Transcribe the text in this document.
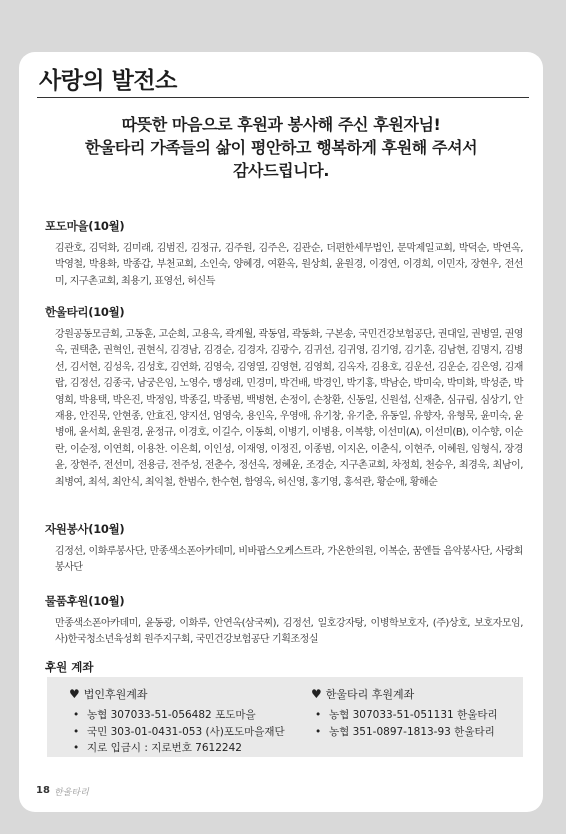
사랑의 발전소
따뜻한 마음으로 후원과 봉사해 주신 후원자님!
한울타리 가족들의 삶이 평안하고 행복하게 후원해 주셔서
감사드립니다.
포도마을(10월)
김관호, 김덕화, 김미래, 김범진, 김정규, 김주원, 김주은, 김관순, 더편한세무법인, 문막제일교회, 박덕순, 박연옥, 박영철, 박용화, 박종갑, 부천교회, 소인숙, 양혜경, 여환옥, 원상희, 윤원경, 이경연, 이경희, 이민자, 장현우, 전선미, 지구촌교회, 최용기, 표영선, 허신득
한울타리(10월)
강원공동모금회, 고동훈, 고순희, 고용옥, 곽계월, 곽동엽, 곽동화, 구본송, 국민건강보험공단, 권대일, 권병열, 권영옥, 권택춘, 권혁인, 권현식, 김경남, 김경순, 김경자, 김광수, 김귀선, 김귀영, 김기영, 김기훈, 김남현, 김명지, 김병선, 김서현, 김성욱, 김성호, 김연화, 김영숙, 김영열, 김영현, 김영희, 김옥자, 김용호, 김운선, 김운순, 김은영, 김재랍, 김정선, 김종국, 남궁은임, 노영수, 맹성래, 민경미, 박건배, 박경인, 박기홍, 박남순, 박미숙, 박미화, 박성준, 박영희, 박용택, 박은진, 박정임, 박종길, 박종범, 백병현, 손정이, 손창환, 신동일, 신원섭, 신재춘, 심규림, 심상기, 안재용, 안진묵, 안현종, 안효진, 양지선, 엄영숙, 용인옥, 우영애, 유기창, 유기춘, 유동일, 유향자, 유형묵, 윤미숙, 윤병애, 윤서희, 윤원경, 윤정규, 이경호, 이길수, 이동희, 이병기, 이병용, 이복향, 이선미(A), 이선미(B), 이수향, 이순란, 이순정, 이연희, 이용찬. 이은희, 이인성, 이재영, 이정진, 이종범, 이지온, 이춘식, 이현주, 이혜원, 임형식, 장경윤, 장현주, 전선미, 전용금, 전주성, 전춘수, 정선옥, 정혜윤, 조경순, 지구촌교회, 차정희, 천승우, 최경욱, 최남이, 최병여, 최석, 최안식, 최익철, 한범수, 한수현, 함영옥, 허신영, 홍기영, 홍석관, 황순애, 황해순
자원봉사(10월)
김정선, 이화루봉사단, 만종색소폰아카데미, 비바팝스오케스트라, 가온한의원, 이복순, 꿈엔들 음악봉사단, 사랑회봉사단
물품후원(10월)
만종색소폰아카데미, 윤동광, 이화루, 안연옥(삼국찌), 김정선, 일호강자탕, 이병학보호자, (주)상호, 보호자모임, 사)한국청소년육성회 원주지구회, 국민건강보험공단 기획조정실
후원 계좌
♥ 법인후원계좌
• 농협 307033-51-056482 포도마을
• 국민 303-01-0431-053 (사)포도마을재단
• 지로 입금시 : 지로번호 7612242
♥ 한울타리 후원계좌
• 농협 307033-51-051131 한울타리
• 농협 351-0897-1813-93 한울타리
18 한울타리
